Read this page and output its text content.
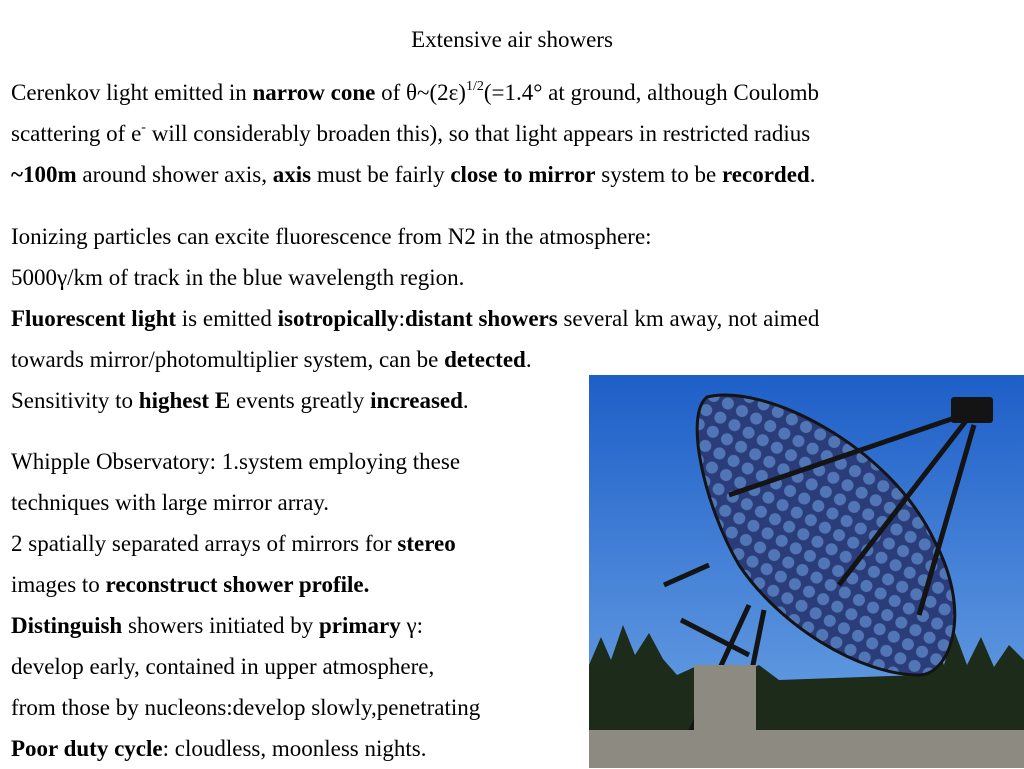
Extensive air showers
Cerenkov light emitted in narrow cone of $\theta\sim(2\varepsilon)^{1/2}(=1.4^\circ$ at ground, although Coulomb
scattering of e- will considerably broaden this), so that light appears in restricted radius
~100m around shower axis, axis must be fairly close to mirror system to be recorded.
Ionizing particles can excite fluorescence from N2 in the atmosphere:
5000γ/km of track in the blue wavelength region.
Fluorescent light is emitted isotropically:distant showers several km away, not aimed
towards mirror/photomultiplier system, can be detected.
Sensitivity to highest E events greatly increased.
Whipple Observatory: 1.system employing these
techniques with large mirror array.
2 spatially separated arrays of mirrors for stereo
images to reconstruct shower profile.
Distinguish showers initiated by primary γ:
develop early, contained in upper atmosphere,
from those by nucleons:develop slowly,penetrating
Poor duty cycle: cloudless, moonless nights.
